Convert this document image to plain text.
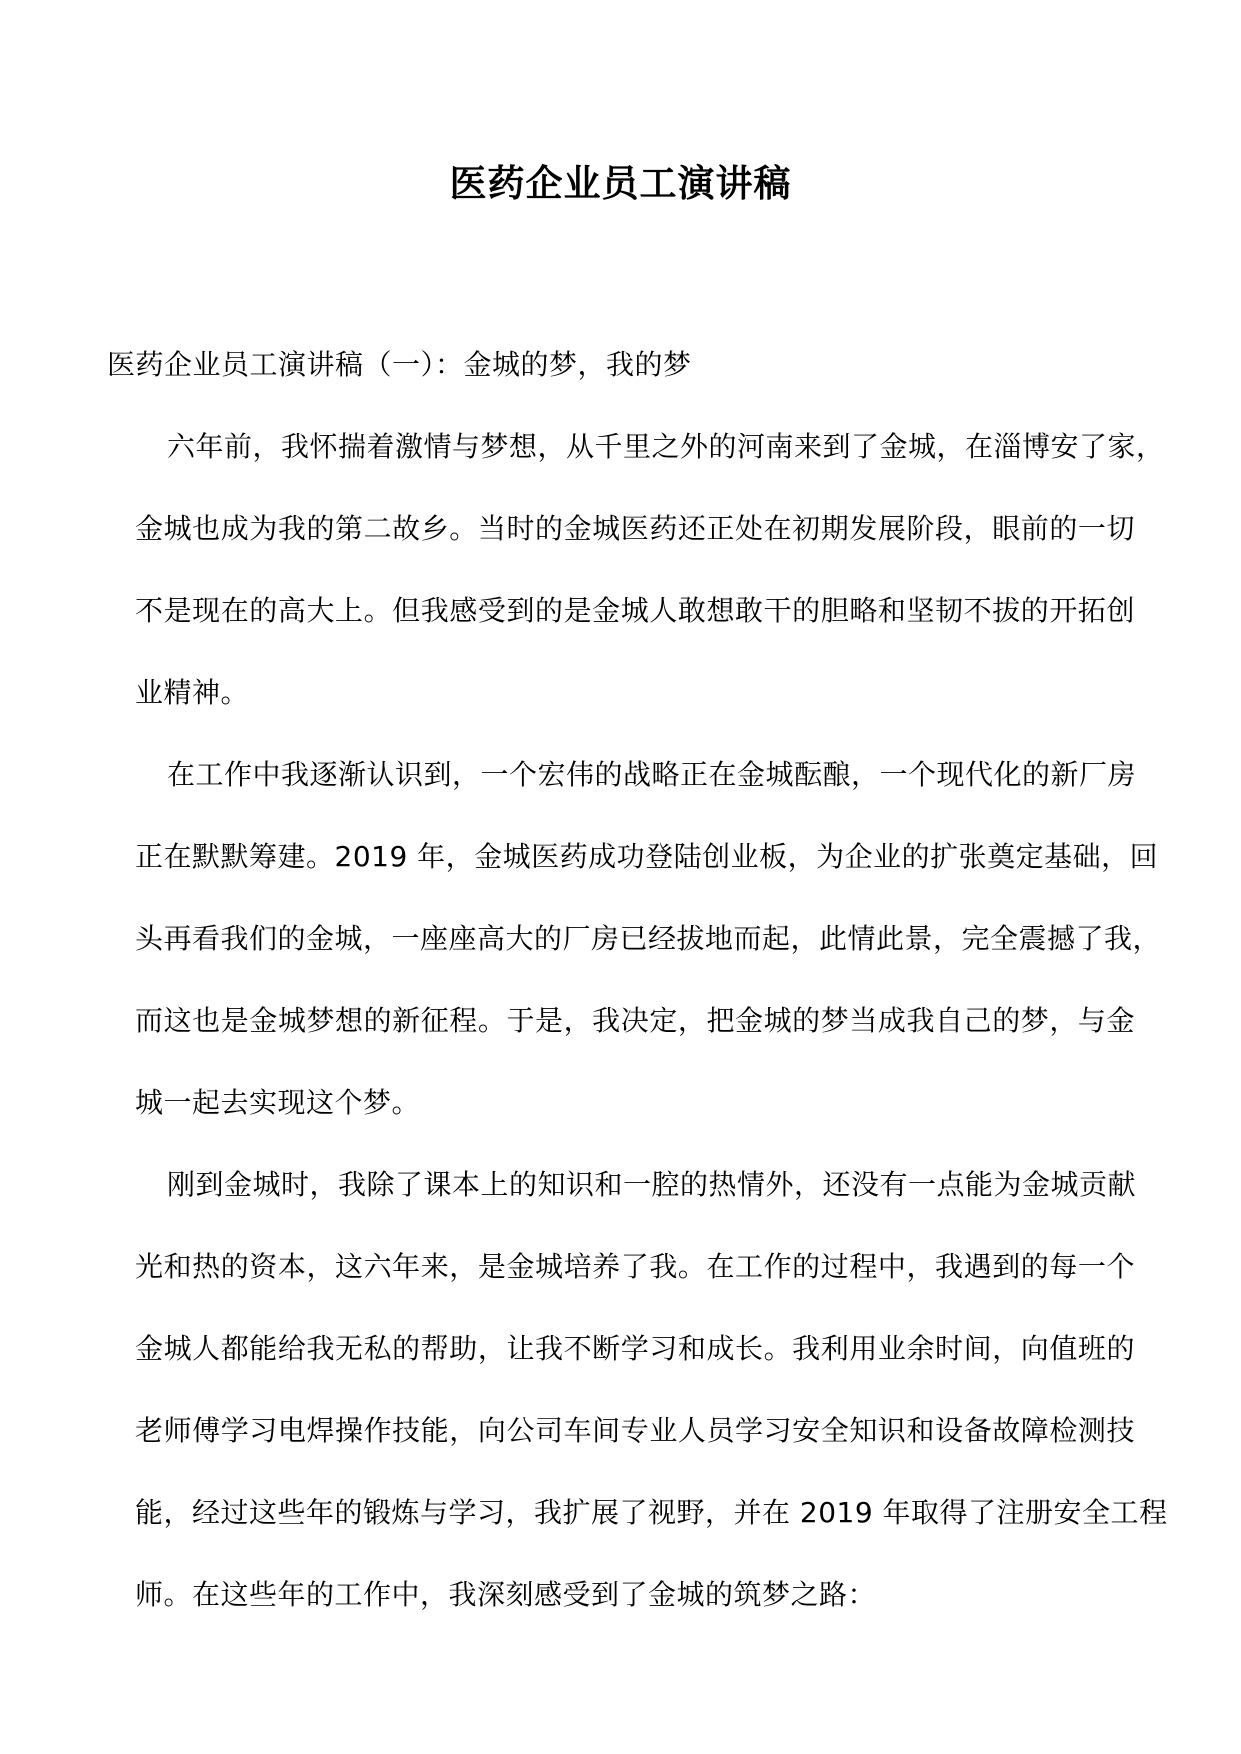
医药企业员工演讲稿

医药企业员工演讲稿（一）：金城的梦，我的梦

六年前，我怀揣着激情与梦想，从千里之外的河南来到了金城，在淄博安了家，
金城也成为我的第二故乡。当时的金城医药还正处在初期发展阶段，眼前的一切
不是现在的高大上。但我感受到的是金城人敢想敢干的胆略和坚韧不拔的开拓创
业精神。
在工作中我逐渐认识到，一个宏伟的战略正在金城酝酿，一个现代化的新厂房
正在默默筹建。2019 年，金城医药成功登陆创业板，为企业的扩张奠定基础，回
头再看我们的金城，一座座高大的厂房已经拔地而起，此情此景，完全震撼了我，
而这也是金城梦想的新征程。于是，我决定，把金城的梦当成我自己的梦，与金
城一起去实现这个梦。
刚到金城时，我除了课本上的知识和一腔的热情外，还没有一点能为金城贡献
光和热的资本，这六年来，是金城培养了我。在工作的过程中，我遇到的每一个
金城人都能给我无私的帮助，让我不断学习和成长。我利用业余时间，向值班的
老师傅学习电焊操作技能，向公司车间专业人员学习安全知识和设备故障检测技
能，经过这些年的锻炼与学习，我扩展了视野，并在 2019 年取得了注册安全工程
师。在这些年的工作中，我深刻感受到了金城的筑梦之路：
